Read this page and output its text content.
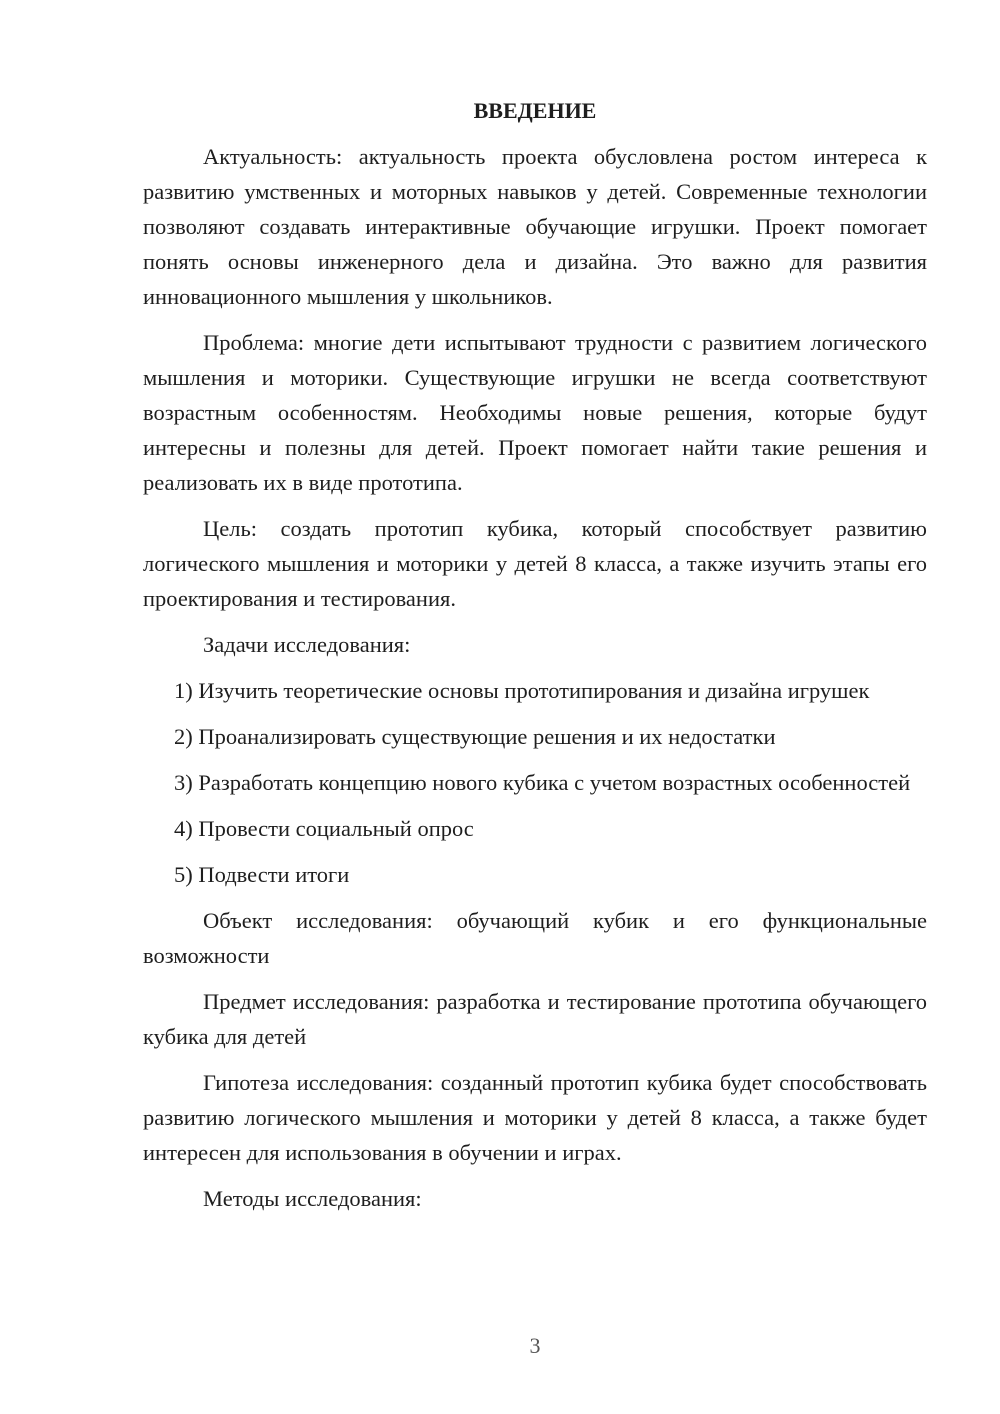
ВВЕДЕНИЕ

Актуальность: актуальность проекта обусловлена ростом интереса к развитию умственных и моторных навыков у детей. Современные технологии позволяют создавать интерактивные обучающие игрушки. Проект помогает понять основы инженерного дела и дизайна. Это важно для развития инновационного мышления у школьников.

Проблема: многие дети испытывают трудности с развитием логического мышления и моторики. Существующие игрушки не всегда соответствуют возрастным особенностям. Необходимы новые решения, которые будут интересны и полезны для детей. Проект помогает найти такие решения и реализовать их в виде прототипа.

Цель: создать прототип кубика, который способствует развитию логического мышления и моторики у детей 8 класса, а также изучить этапы его проектирования и тестирования.

Задачи исследования:

1) Изучить теоретические основы прототипирования и дизайна игрушек

2) Проанализировать существующие решения и их недостатки

3) Разработать концепцию нового кубика с учетом возрастных особенностей

4) Провести социальный опрос

5) Подвести итоги

Объект исследования: обучающий кубик и его функциональные возможности

Предмет исследования: разработка и тестирование прототипа обучающего кубика для детей

Гипотеза исследования: созданный прототип кубика будет способствовать развитию логического мышления и моторики у детей 8 класса, а также будет интересен для использования в обучении и играх.

Методы исследования:

3
